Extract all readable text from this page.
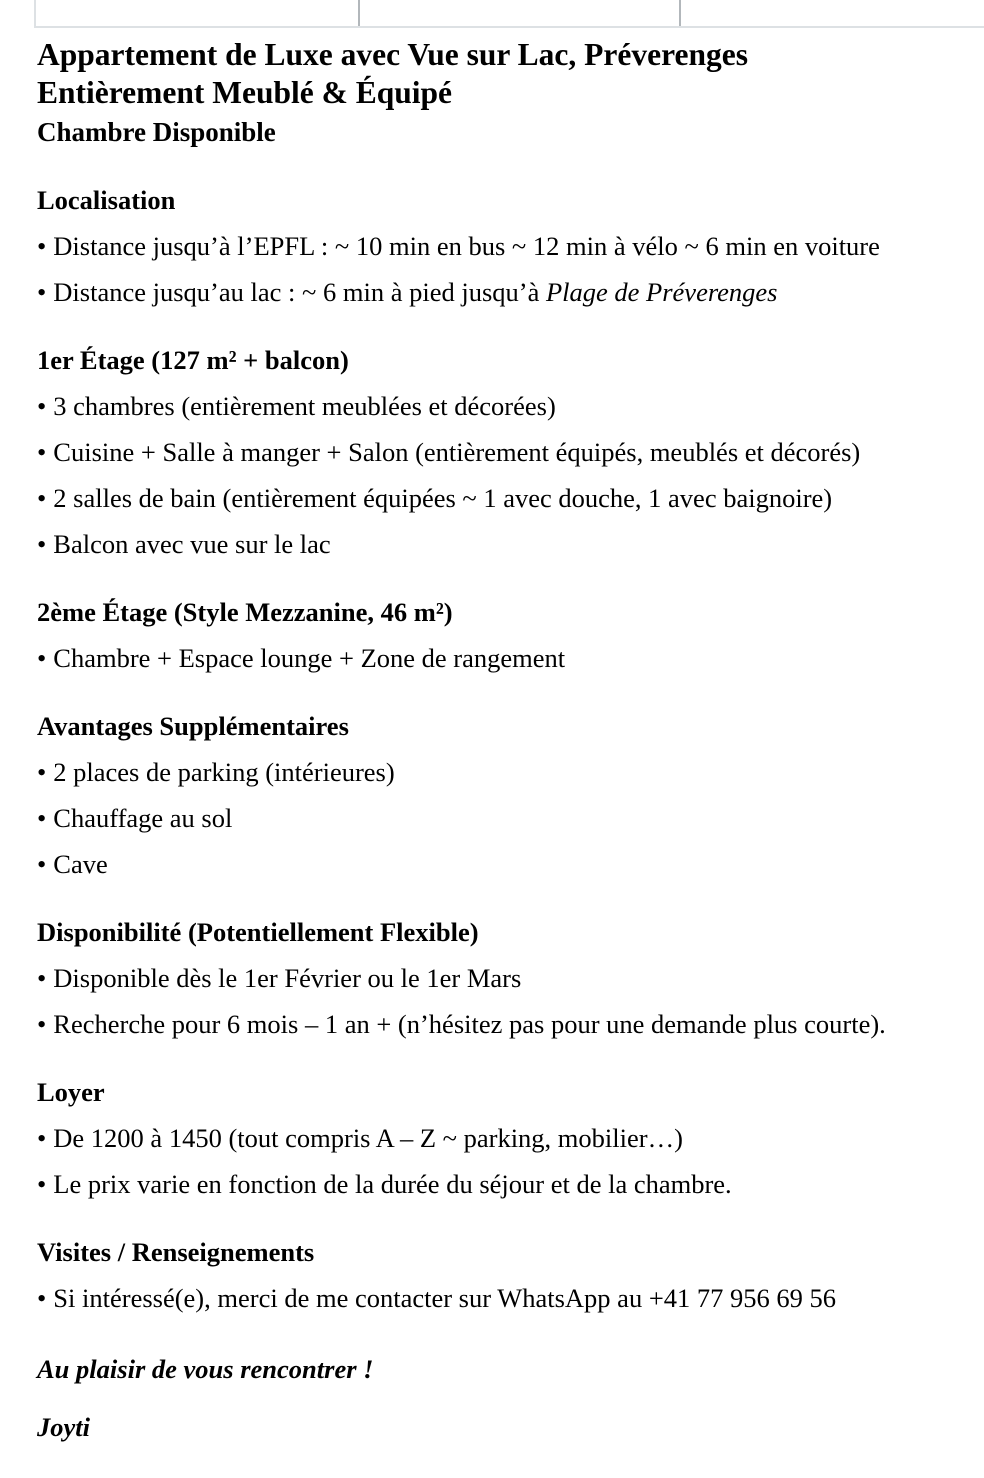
Appartement de Luxe avec Vue sur Lac, Préverenges
Entièrement Meublé & Équipé
Chambre Disponible

Localisation

• Distance jusqu’à l’EPFL : ~ 10 min en bus ~ 12 min à vélo ~ 6 min en voiture

• Distance jusqu’au lac : ~ 6 min à pied jusqu’à Plage de Préverenges

1er Étage (127 m² + balcon)

• 3 chambres (entièrement meublées et décorées)

• Cuisine + Salle à manger + Salon (entièrement équipés, meublés et décorés)

• 2 salles de bain (entièrement équipées ~ 1 avec douche, 1 avec baignoire)

• Balcon avec vue sur le lac

2ème Étage (Style Mezzanine, 46 m²)

• Chambre + Espace lounge + Zone de rangement

Avantages Supplémentaires

• 2 places de parking (intérieures)

• Chauffage au sol

• Cave

Disponibilité (Potentiellement Flexible)

• Disponible dès le 1er Février ou le 1er Mars

• Recherche pour 6 mois – 1 an + (n’hésitez pas pour une demande plus courte).

Loyer

• De 1200 à 1450 (tout compris A – Z ~ parking, mobilier…)

• Le prix varie en fonction de la durée du séjour et de la chambre.

Visites / Renseignements

• Si intéressé(e), merci de me contacter sur WhatsApp au +41 77 956 69 56

Au plaisir de vous rencontrer !

Joyti
